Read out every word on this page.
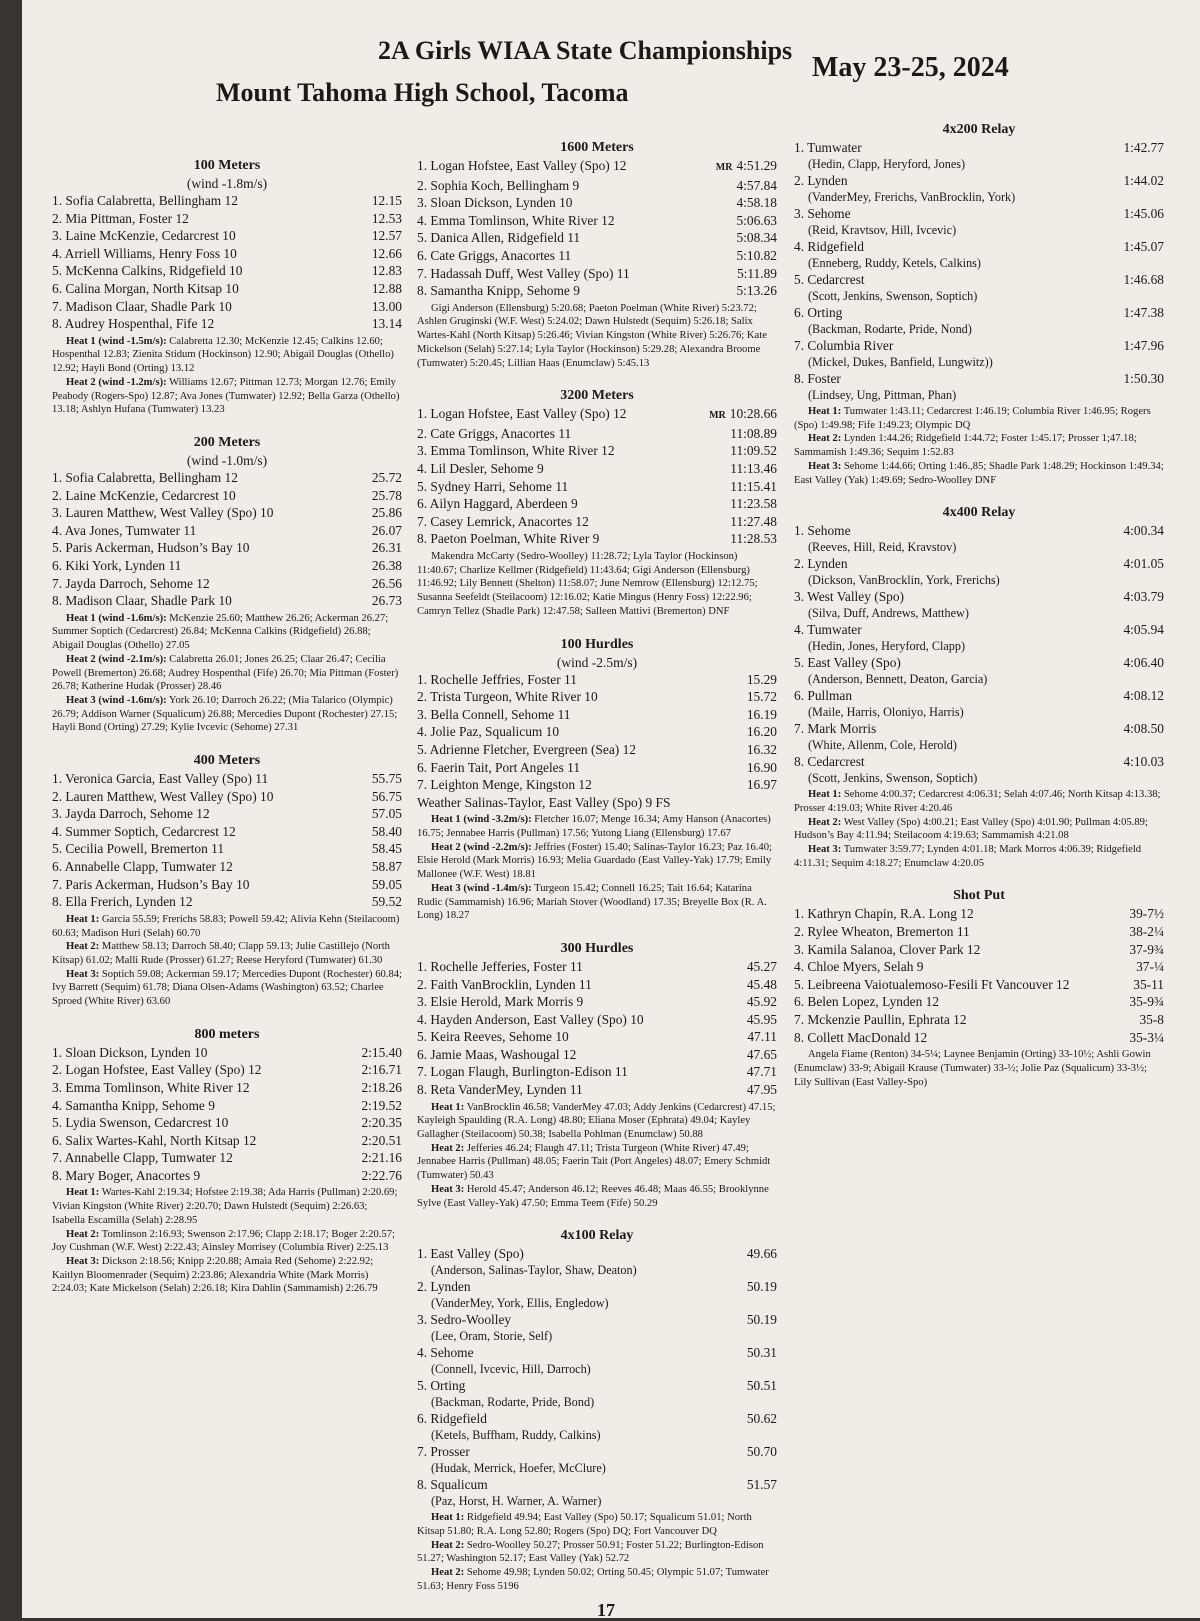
2A Girls WIAA State Championships
Mount Tahoma High School, Tacoma
May 23-25, 2024
100 Meters
(wind -1.8m/s)
1. Sofia Calabretta, Bellingham 12	12.15
2. Mia Pittman, Foster 12	12.53
3. Laine McKenzie, Cedarcrest 10	12.57
4. Arriell Williams, Henry Foss 10	12.66
5. McKenna Calkins, Ridgefield 10	12.83
6. Calina Morgan, North Kitsap 10	12.88
7. Madison Claar, Shadle Park 10	13.00
8. Audrey Hospenthal, Fife 12	13.14

Heat 1 (wind -1.5m/s): Calabretta 12.30; McKenzie 12.45; Calkins 12.60; Hospenthal 12.83; Zienita Stidum (Hockinson) 12.90; Abigail Douglas (Othello) 12.92; Hayli Bond (Orting) 13.12

Heat 2 (wind -1.2m/s): Williams 12.67; Pittman 12.73; Morgan 12.76; Emily Peabody (Rogers-Spo) 12.87; Ava Jones (Tumwater) 12.92; Bella Garza (Othello) 13.18; Ashlyn Hufana (Tumwater) 13.23

200 Meters
(wind -1.0m/s)
1. Sofia Calabretta, Bellingham 12	25.72
2. Laine McKenzie, Cedarcrest 10	25.78
3. Lauren Matthew, West Valley (Spo) 10	25.86
4. Ava Jones, Tumwater 11	26.07
5. Paris Ackerman, Hudson’s Bay 10	26.31
6. Kiki York, Lynden 11	26.38
7. Jayda Darroch, Sehome 12	26.56
8. Madison Claar, Shadle Park 10	26.73

Heat 1 (wind -1.6m/s): McKenzie 25.60; Matthew 26.26; Ackerman 26.27; Summer Soptich (Cedarcrest) 26.84; McKenna Calkins (Ridgefield) 26.88; Abigail Douglas (Othello) 27.05

Heat 2 (wind -2.1m/s): Calabretta 26.01; Jones 26.25; Claar 26.47; Cecilia Powell (Bremerton) 26.68; Audrey Hospenthal (Fife) 26.70; Mia Pittman (Foster) 26.78; Katherine Hudak (Prosser) 28.46

Heat 3 (wind -1.6m/s): York 26.10; Darroch 26.22; (Mia Talarico (Olympic) 26.79; Addison Warner (Squalicum) 26.88; Mercedies Dupont (Rochester) 27.15; Hayli Bond (Orting) 27.29; Kylie Ivcevic (Sehome) 27.31

400 Meters
1. Veronica Garcia, East Valley (Spo) 11	55.75
2. Lauren Matthew, West Valley (Spo) 10	56.75
3. Jayda Darroch, Sehome 12	57.05
4. Summer Soptich, Cedarcrest 12	58.40
5. Cecilia Powell, Bremerton 11	58.45
6. Annabelle Clapp, Tumwater 12	58.87
7. Paris Ackerman, Hudson’s Bay 10	59.05
8. Ella Frerich, Lynden 12	59.52

Heat 1: Garcia 55.59; Frerichs 58.83; Powell 59.42; Alivia Kehn (Steilacoom) 60.63; Madison Huri (Selah) 60.70

Heat 2: Matthew 58.13; Darroch 58.40; Clapp 59.13; Julie Castillejo (North Kitsap) 61.02; Malli Rude (Prosser) 61.27; Reese Heryford (Tumwater) 61.30

Heat 3: Soptich 59.08; Ackerman 59.17; Mercedies Dupont (Rochester) 60.84; Ivy Barrett (Sequim) 61.78; Diana Olsen-Adams (Washington) 63.52; Charlee Sproed (White River) 63.60

800 meters
1. Sloan Dickson, Lynden 10	2:15.40
2. Logan Hofstee, East Valley (Spo) 12	2:16.71
3. Emma Tomlinson, White River 12	2:18.26
4. Samantha Knipp, Sehome 9	2:19.52
5. Lydia Swenson, Cedarcrest 10	2:20.35
6. Salix Wartes-Kahl, North Kitsap 12	2:20.51
7. Annabelle Clapp, Tumwater 12	2:21.16
8. Mary Boger, Anacortes 9	2:22.76

Heat 1: Wartes-Kahl 2:19.34; Hofstee 2:19.38; Ada Harris (Pullman) 2:20.69; Vivian Kingston (White River) 2:20.70; Dawn Hulstedt (Sequim) 2:26.63; Isabella Escamilla (Selah) 2:28.95

Heat 2: Tomlinson 2:16.93; Swenson 2:17.96; Clapp 2:18.17; Boger 2:20.57; Joy Cushman (W.F. West) 2:22.43; Ainsley Morrisey (Columbia River) 2:25.13

Heat 3: Dickson 2:18.56; Knipp 2:20.88; Amaia Red (Sehome) 2:22.92; Kaitlyn Bloomenrader (Sequim) 2:23.86; Alexandria White (Mark Morris) 2:24.03; Kate Mickelson (Selah) 2:26.18; Kira Dahlin (Sammamish) 2:26.79

1600 Meters
1. Logan Hofstee, East Valley (Spo) 12	MR 4:51.29
2. Sophia Koch, Bellingham 9	4:57.84
3. Sloan Dickson, Lynden 10	4:58.18
4. Emma Tomlinson, White River 12	5:06.63
5. Danica Allen, Ridgefield 11	5:08.34
6. Cate Griggs, Anacortes 11	5:10.82
7. Hadassah Duff, West Valley (Spo) 11	5:11.89
8. Samantha Knipp, Sehome 9	5:13.26

Gigi Anderson (Ellensburg) 5:20.68; Paeton Poelman (White River) 5:23.72; Ashlen Gruginski (W.F. West) 5:24.02; Dawn Hulstedt (Sequim) 5:26.18; Salix Wartes-Kahl (North Kitsap) 5:26.46; Vivian Kingston (White River) 5:26.76; Kate Mickelson (Selah) 5:27.14; Lyla Taylor (Hockinson) 5:29.28; Alexandra Broome (Tumwater) 5:20.45; Lillian Haas (Enumclaw) 5:45.13

3200 Meters
1. Logan Hofstee, East Valley (Spo) 12	MR 10:28.66
2. Cate Griggs, Anacortes 11	11:08.89
3. Emma Tomlinson, White River 12	11:09.52
4. Lil Desler, Sehome 9	11:13.46
5. Sydney Harri, Sehome 11	11:15.41
6. Ailyn Haggard, Aberdeen 9	11:23.58
7. Casey Lemrick, Anacortes 12	11:27.48
8. Paeton Poelman, White River 9	11:28.53

Makendra McCarty (Sedro-Woolley) 11:28.72; Lyla Taylor (Hockinson) 11:40.67; Charlize Kellmer (Ridgefield) 11:43.64; Gigi Anderson (Ellensburg) 11:46.92; Lily Bennett (Shelton) 11:58.07; June Nemrow (Ellensburg) 12:12.75; Susanna Seefeldt (Steilacoom) 12:16.02; Katie Mingus (Henry Foss) 12:22.96; Camryn Tellez (Shadle Park) 12:47.58; Salleen Mattivi (Bremerton) DNF

100 Hurdles
(wind -2.5m/s)
1. Rochelle Jeffries, Foster 11	15.29
2. Trista Turgeon, White River 10	15.72
3. Bella Connell, Sehome 11	16.19
4. Jolie Paz, Squalicum 10	16.20
5. Adrienne Fletcher, Evergreen (Sea) 12	16.32
6. Faerin Tait, Port Angeles 11	16.90
7. Leighton Menge, Kingston 12	16.97
Weather Salinas-Taylor, East Valley (Spo) 9 FS

Heat 1 (wind -3.2m/s): Fletcher 16.07; Menge 16.34; Amy Hanson (Anacortes) 16.75; Jennabee Harris (Pullman) 17.56; Yutong Liang (Ellensburg) 17.67

Heat 2 (wind -2.2m/s): Jeffries (Foster) 15.40; Salinas-Taylor 16.23; Paz 16.40; Elsie Herold (Mark Morris) 16.93; Melia Guardado (East Valley-Yak) 17.79; Emily Mallonee (W.F. West) 18.81

Heat 3 (wind -1.4m/s): Turgeon 15.42; Connell 16.25; Tait 16.64; Katarina Rudic (Sammamish) 16.96; Mariah Stover (Woodland) 17.35; Breyelle Box (R. A. Long) 18.27

300 Hurdles
1. Rochelle Jefferies, Foster 11	45.27
2. Faith VanBrocklin, Lynden 11	45.48
3. Elsie Herold, Mark Morris 9	45.92
4. Hayden Anderson, East Valley (Spo) 10	45.95
5. Keira Reeves, Sehome 10	47.11
6. Jamie Maas, Washougal 12	47.65
7. Logan Flaugh, Burlington-Edison 11	47.71
8. Reta VanderMey, Lynden 11	47.95

Heat 1: VanBrocklin 46.58; VanderMey 47.03; Addy Jenkins (Cedarcrest) 47.15; Kayleigh Spaulding (R.A. Long) 48.80; Eliana Moser (Ephrata) 49.04; Kayley Gallagher (Steilacoom) 50.38; Isabella Pohlman (Enumclaw) 50.88

Heat 2: Jefferies 46.24; Flaugh 47.11; Trista Turgeon (White River) 47.49; Jennabee Harris (Pullman) 48.05; Faerin Tait (Port Angeles) 48.07; Emery Schmidt (Tumwater) 50.43

Heat 3: Herold 45.47; Anderson 46.12; Reeves 46.48; Maas 46.55; Brooklynne Sylve (East Valley-Yak) 47.50; Emma Teem (Fife) 50.29

4x100 Relay
1. East Valley (Spo)	49.66
(Anderson, Salinas-Taylor, Shaw, Deaton)
2. Lynden	50.19
(VanderMey, York, Ellis, Engledow)
3. Sedro-Woolley	50.19
(Lee, Oram, Storie, Self)
4. Sehome	50.31
(Connell, Ivcevic, Hill, Darroch)
5. Orting	50.51
(Backman, Rodarte, Pride, Bond)
6. Ridgefield	50.62
(Ketels, Buffham, Ruddy, Calkins)
7. Prosser	50.70
(Hudak, Merrick, Hoefer, McClure)
8. Squalicum	51.57
(Paz, Horst, H. Warner, A. Warner)

Heat 1: Ridgefield 49.94; East Valley (Spo) 50.17; Squalicum 51.01; North Kitsap 51.80; R.A. Long 52.80; Rogers (Spo) DQ; Fort Vancouver DQ

Heat 2: Sedro-Woolley 50.27; Prosser 50.91; Foster 51.22; Burlington-Edison 51.27; Washington 52.17; East Valley (Yak) 52.72

Heat 2: Sehome 49.98; Lynden 50.02; Orting 50.45; Olympic 51.07; Tumwater 51.63; Henry Foss 5196

4x200 Relay
1. Tumwater	1:42.77
(Hedin, Clapp, Heryford, Jones)
2. Lynden	1:44.02
(VanderMey, Frerichs, VanBrocklin, York)
3. Sehome	1:45.06
(Reid, Kravtsov, Hill, Ivcevic)
4. Ridgefield	1:45.07
(Enneberg, Ruddy, Ketels, Calkins)
5. Cedarcrest	1:46.68
(Scott, Jenkins, Swenson, Soptich)
6. Orting	1:47.38
(Backman, Rodarte, Pride, Nond)
7. Columbia River	1:47.96
(Mickel, Dukes, Banfield, Lungwitz))
8. Foster	1:50.30
(Lindsey, Ung, Pittman, Phan)

Heat 1: Tumwater 1:43.11; Cedarcrest 1:46.19; Columbia River 1:46.95; Rogers (Spo) 1:49.98; Fife 1:49.23; Olympic DQ

Heat 2: Lynden 1:44.26; Ridgefield 1:44.72; Foster 1:45.17; Prosser 1;47.18; Sammamish 1:49.36; Sequim 1:52.83

Heat 3: Sehome 1:44.66; Orting 1:46.,85; Shadle Park 1:48.29; Hockinson 1:49.34; East Valley (Yak) 1:49.69; Sedro-Woolley DNF

4x400 Relay
1. Sehome	4:00.34
(Reeves, Hill, Reid, Kravstov)
2. Lynden	4:01.05
(Dickson, VanBrocklin, York, Frerichs)
3. West Valley (Spo)	4:03.79
(Silva, Duff, Andrews, Matthew)
4. Tumwater	4:05.94
(Hedin, Jones, Heryford, Clapp)
5. East Valley (Spo)	4:06.40
(Anderson, Bennett, Deaton, Garcia)
6. Pullman	4:08.12
(Maile, Harris, Oloniyo, Harris)
7. Mark Morris	4:08.50
(White, Allenm, Cole, Herold)
8. Cedarcrest	4:10.03
(Scott, Jenkins, Swenson, Soptich)

Heat 1: Sehome 4:00.37; Cedarcrest 4:06.31; Selah 4:07.46; North Kitsap 4:13.38; Prosser 4:19.03; White River 4:20.46

Heat 2: West Valley (Spo) 4:00.21; East Valley (Spo) 4:01.90; Pullman 4:05.89; Hudson’s Bay 4:11.94; Steilacoom 4:19.63; Sammamish 4:21.08

Heat 3: Tumwater 3:59.77; Lynden 4:01.18; Mark Morros 4:06.39; Ridgefield 4:11.31; Sequim 4:18.27; Enumclaw 4:20.05

Shot Put
1. Kathryn Chapin, R.A. Long 12	39-7½
2. Rylee Wheaton, Bremerton 11	38-2¼
3. Kamila Salanoa, Clover Park 12	37-9¾
4. Chloe Myers, Selah 9	37-¼
5. Leibreena Vaiotualemoso-Fesili Ft Vancouver 12	35-11
6. Belen Lopez, Lynden 12	35-9¾
7. Mckenzie Paullin, Ephrata 12	35-8
8. Collett MacDonald 12	35-3¼

Angela Fiame (Renton) 34-5¼; Laynee Benjamin (Orting) 33-10½; Ashli Gowin (Enumclaw) 33-9; Abigail Krause (Tumwater) 33-½; Jolie Paz (Squalicum) 33-3½; Lily Sullivan (East Valley-Spo)

17
